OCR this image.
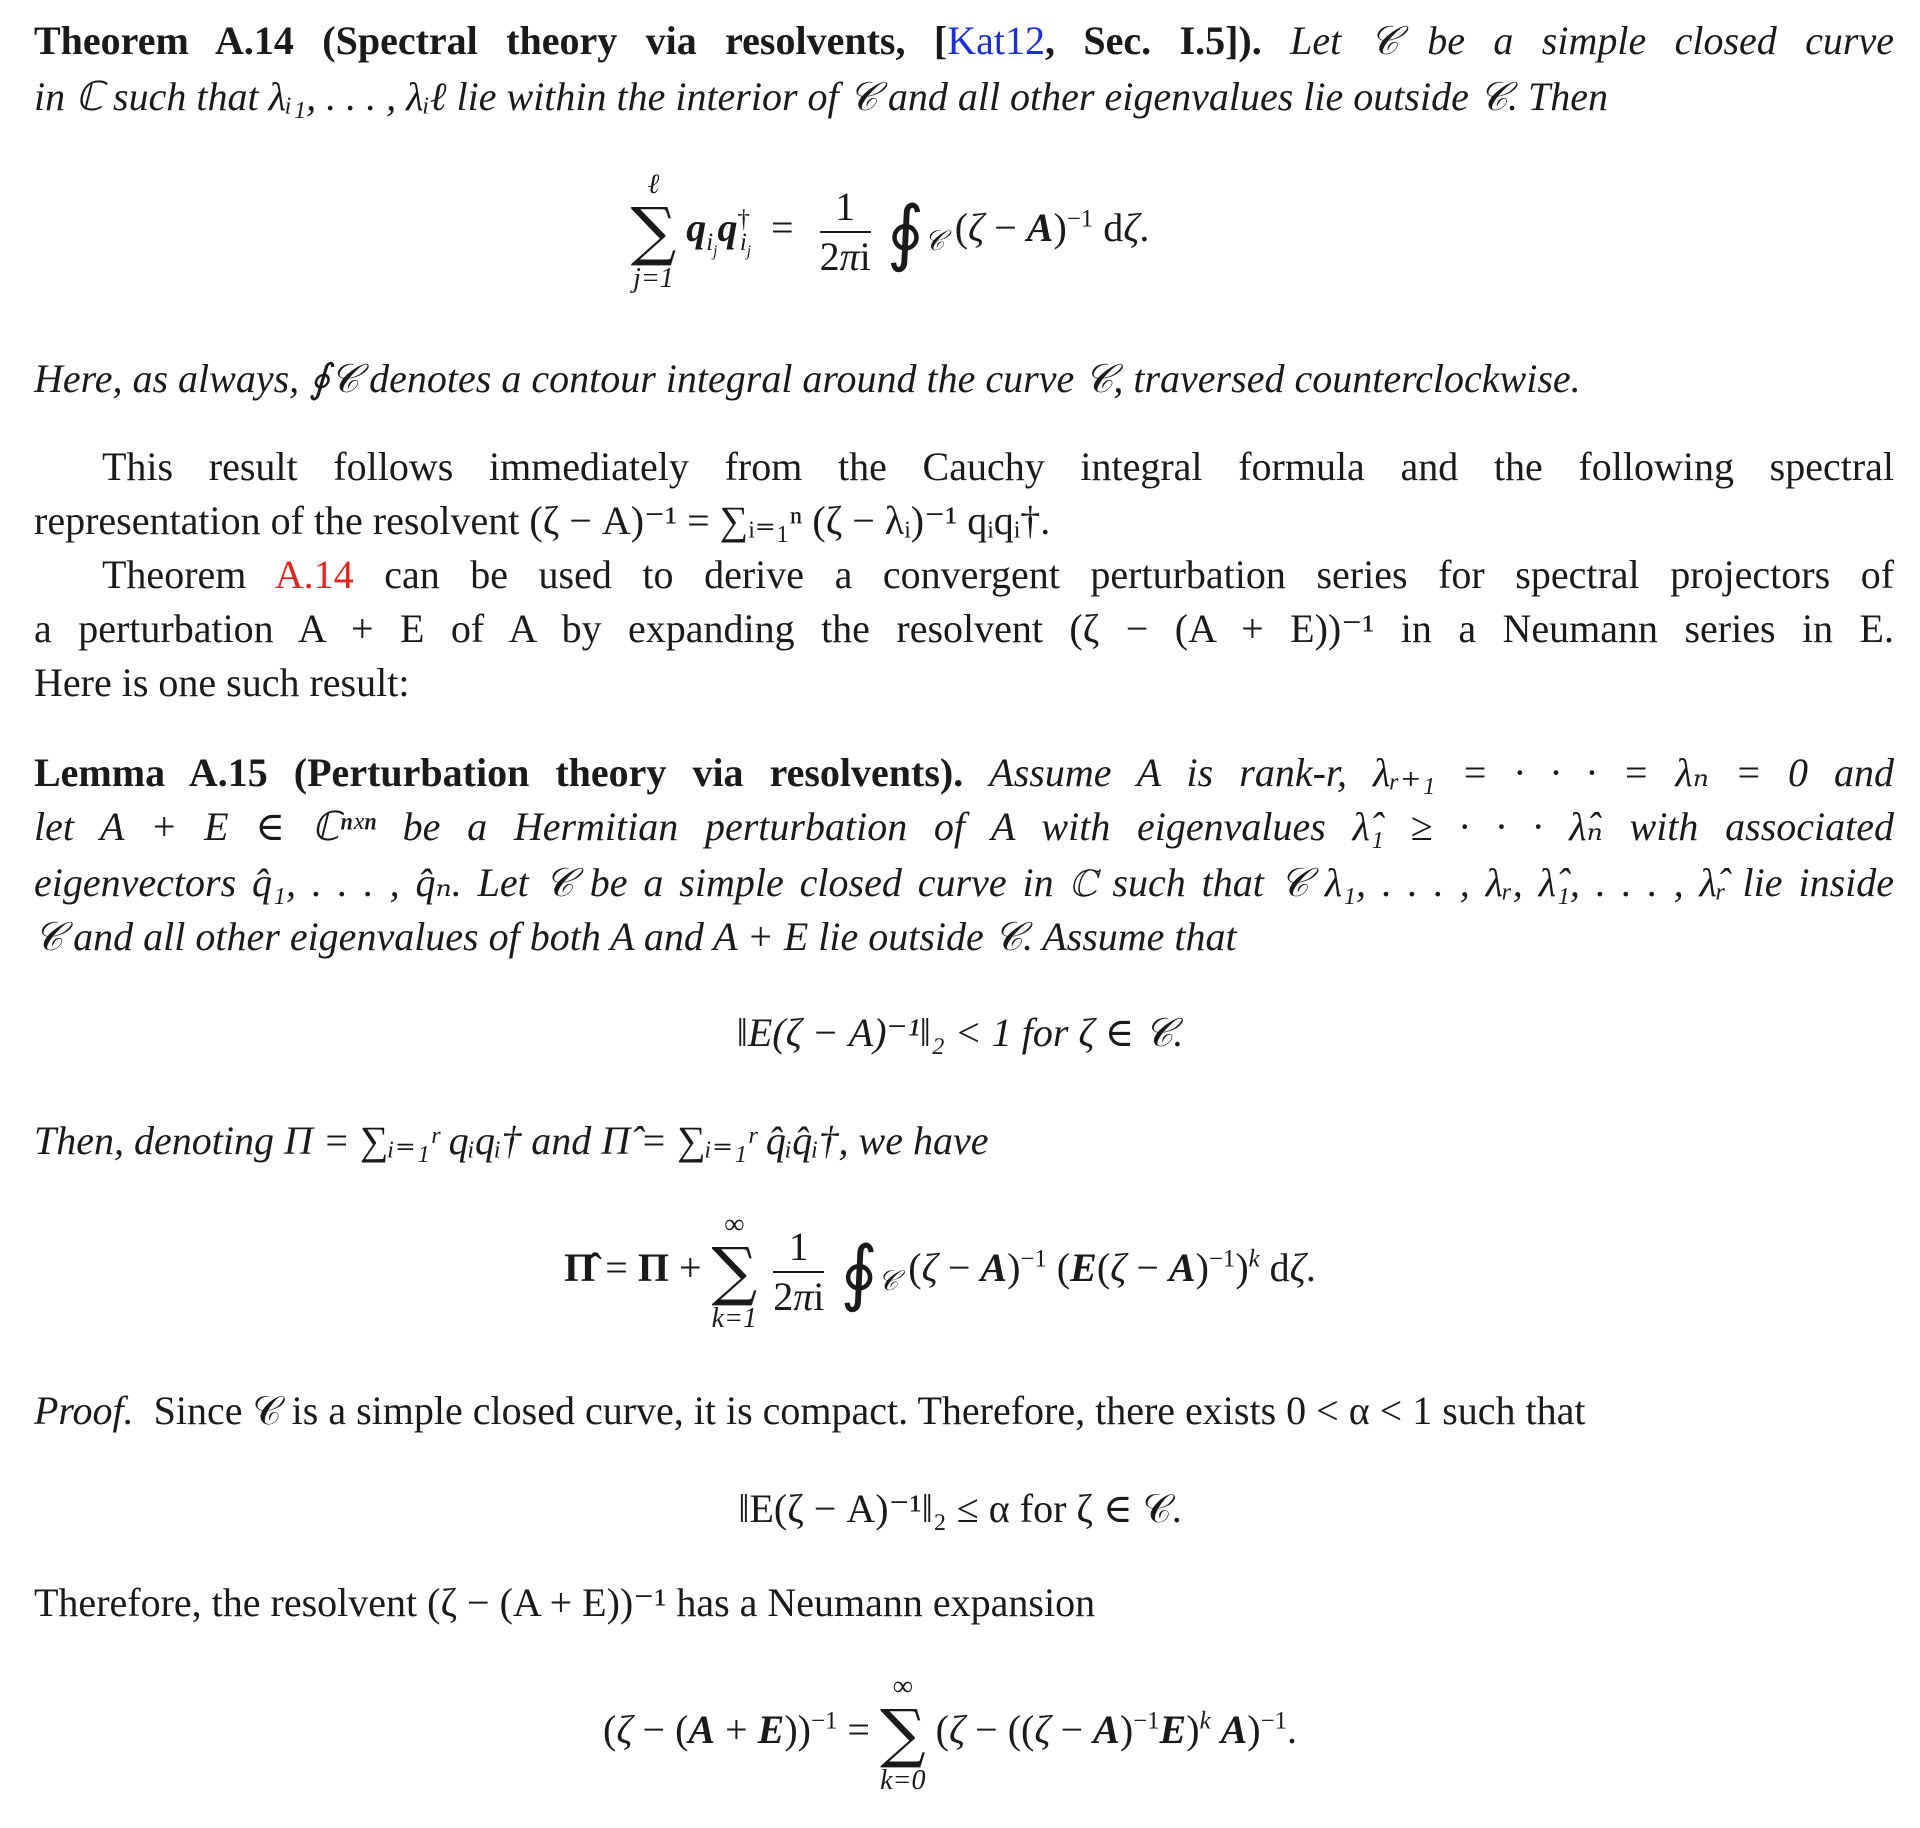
Theorem A.14 (Spectral theory via resolvents, [Kat12, Sec. I.5]). Let 𝒞 be a simple closed curve
in ℂ such that λᵢ₁, . . . , λᵢℓ lie within the interior of 𝒞 and all other eigenvalues lie outside 𝒞. Then
ℓ
∑
j=1
$q_{i_j}q^\dagger_{i_j} = \frac{1}{2\pi i}$ $∮_𝒞$ $(\zeta - A)^{-1}$ dζ.
Here, as always, ∮𝒞 denotes a contour integral around the curve 𝒞, traversed counterclockwise.
This result follows immediately from the Cauchy integral formula and the following spectral
representation of the resolvent (ζ − A)⁻¹ = ∑ᵢ₌₁ⁿ (ζ − λᵢ)⁻¹ qᵢqᵢ†.
Theorem A.14 can be used to derive a convergent perturbation series for spectral projectors of
a perturbation A + E of A by expanding the resolvent (ζ − (A + E))⁻¹ in a Neumann series in E.
Here is one such result:
Lemma A.15 (Perturbation theory via resolvents). Assume A is rank-r, λᵣ₊₁ = · · · = λₙ = 0 and
let A + E ∈ ℂⁿˣⁿ be a Hermitian perturbation of A with eigenvalues λ̂₁ ≥ · · · λ̂ₙ with associated
eigenvectors q̂₁, . . . , q̂ₙ. Let 𝒞 be a simple closed curve in ℂ such that 𝒞 λ₁, . . . , λᵣ, λ̂₁, . . . , λ̂ᵣ lie inside
𝒞 and all other eigenvalues of both A and A + E lie outside 𝒞. Assume that
‖E(ζ − A)⁻¹‖₂ < 1 for ζ ∈ 𝒞.
Then, denoting Π = ∑ᵢ₌₁ʳ qᵢqᵢ† and Π̂ = ∑ᵢ₌₁ʳ q̂ᵢq̂ᵢ†, we have
Π̂ = Π +
∞
∑
k=1
$\frac{1}{2\pi i}$ $∮_𝒞$ $(\zeta - A)^{-1}$ $(E(\zeta - A)^{-1})^k$ dζ.
Proof. Since 𝒞 is a simple closed curve, it is compact. Therefore, there exists 0 < α < 1 such that
‖E(ζ − A)⁻¹‖₂ ≤ α for ζ ∈ 𝒞.
Therefore, the resolvent (ζ − (A + E))⁻¹ has a Neumann expansion
$(\zeta - (A + E))^{-1}$ =
∞
∑
k=0
($\zeta - ((\zeta - A)^{-1}E)^k$ A)$^{-1}$.
